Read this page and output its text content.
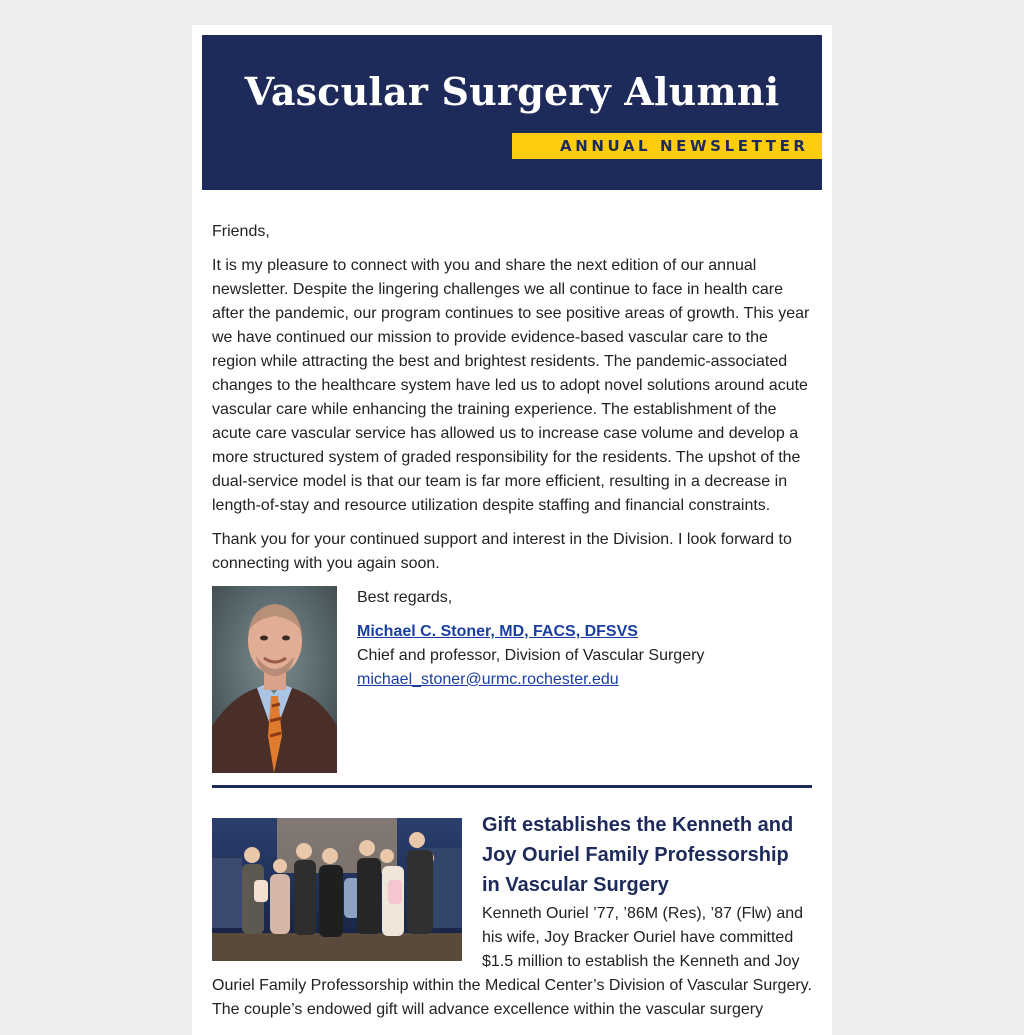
Vascular Surgery Alumni
ANNUAL NEWSLETTER

Friends,

It is my pleasure to connect with you and share the next edition of our annual newsletter. Despite the lingering challenges we all continue to face in health care after the pandemic, our program continues to see positive areas of growth. This year we have continued our mission to provide evidence-based vascular care to the region while attracting the best and brightest residents. The pandemic-associated changes to the healthcare system have led us to adopt novel solutions around acute vascular care while enhancing the training experience. The establishment of the acute care vascular service has allowed us to increase case volume and develop a more structured system of graded responsibility for the residents. The upshot of the dual-service model is that our team is far more efficient, resulting in a decrease in length-of-stay and resource utilization despite staffing and financial constraints.

Thank you for your continued support and interest in the Division. I look forward to connecting with you again soon.

Best regards,
Michael C. Stoner, MD, FACS, DFSVS
Chief and professor, Division of Vascular Surgery
michael_stoner@urmc.rochester.edu
Gift establishes the Kenneth and Joy Ouriel Family Professorship in Vascular Surgery

Kenneth Ouriel ’77, ’86M (Res), ’87 (Flw) and his wife, Joy Bracker Ouriel have committed $1.5 million to establish the Kenneth and Joy Ouriel Family Professorship within the Medical Center’s Division of Vascular Surgery. The couple’s endowed gift will advance excellence within the vascular surgery
